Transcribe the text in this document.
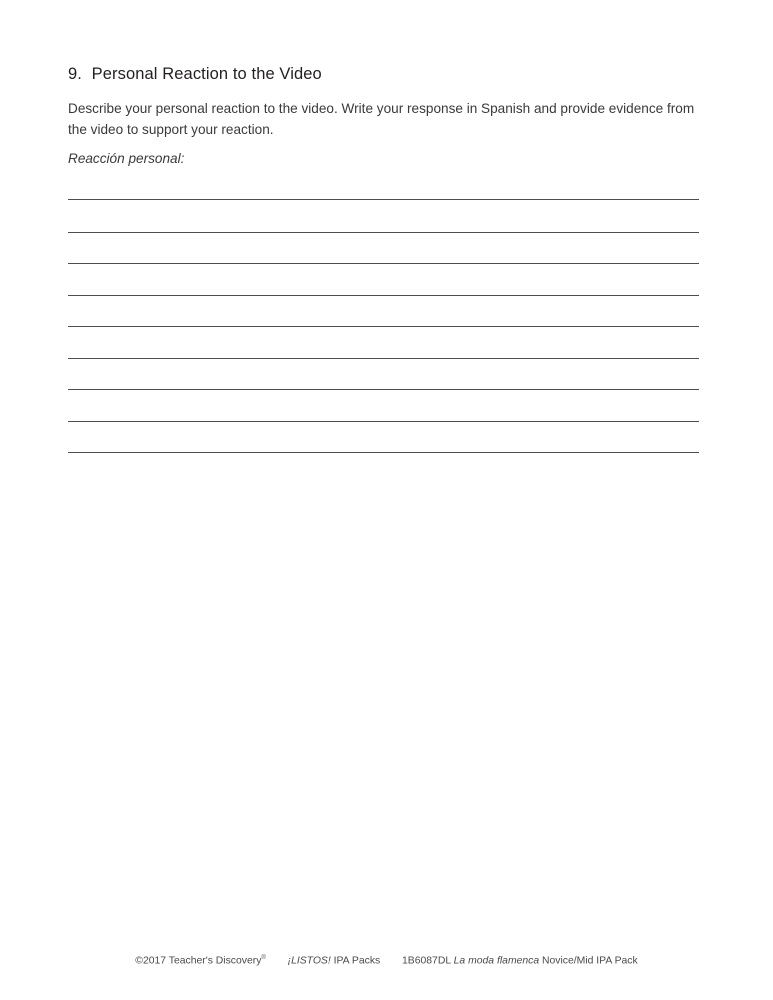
9. Personal Reaction to the Video
Describe your personal reaction to the video. Write your response in Spanish and provide evidence from the video to support your reaction.
Reacción personal:
©2017 Teacher's Discovery® ¡LISTOS! IPA Packs 1B6087DL La moda flamenca Novice/Mid IPA Pack
